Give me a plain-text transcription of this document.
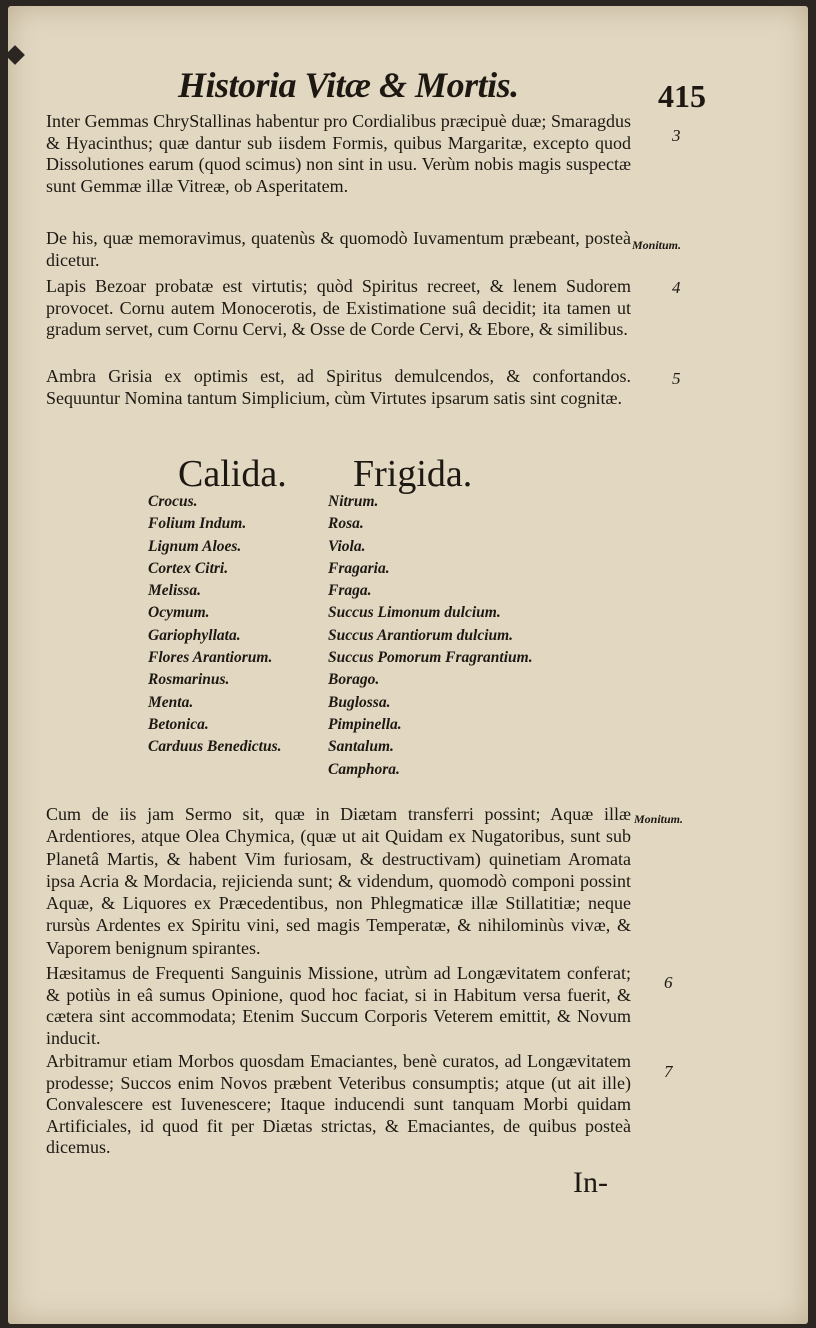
Historia Vitæ & Mortis.	415
Inter Gemmas ChryStallinas habentur pro Cordialibus præcipuè duæ; Smaragdus & Hyacinthus; quæ dantur sub iisdem Formis, quibus Margaritæ, excepto quod Dissolutiones earum (quod scimus) non sint in usu. Verùm nobis magis suspectæ sunt Gemmæ illæ Vitreæ, ob Asperitatem.
3
De his, quæ memoravimus, quatenùs & quomodò Iuvamentum præbeant, posteà dicetur.
Monitum.
Lapis Bezoar probatæ est virtutis; quòd Spiritus recreet, & lenem Sudorem provocet. Cornu autem Monocerotis, de Existimatione suâ decidit; ita tamen ut gradum servet, cum Cornu Cervi, & Osse de Corde Cervi, & Ebore, & similibus.
4
Ambra Grisia ex optimis est, ad Spiritus demulcendos, & confortandos. Sequuntur Nomina tantum Simplicium, cùm Virtutes ipsarum satis sint cognitæ.
5
Calida. Frigida.
Crocus.
Folium Indum.
Lignum Aloes.
Cortex Citri.
Melissa.
Ocymum.
Gariophyllata.
Flores Arantiorum.
Rosmarinus.
Menta.
Betonica.
Carduus Benedictus.
Nitrum.
Rosa.
Viola.
Fragaria.
Fraga.
Succus Limonum dulcium.
Succus Arantiorum dulcium.
Succus Pomorum Fragrantium.
Borago.
Buglossa.
Pimpinella.
Santalum.
Camphora.
Cum de iis jam Sermo sit, quæ in Diætam transferri possint; Aquæ illæ Ardentiores, atque Olea Chymica, (quæ ut ait Quidam ex Nugatoribus, sunt sub Planetâ Martis, & habent Vim furiosam, & destructivam) quinetiam Aromata ipsa Acria & Mordacia, rejicienda sunt; & videndum, quomodò componi possint Aquæ, & Liquores ex Præcedentibus, non Phlegmaticæ illæ Stillatitiæ; neque rursùs Ardentes ex Spiritu vini, sed magis Temperatæ, & nihilominùs vivæ, & Vaporem benignum spirantes.
Monitum.
Hæsitamus de Frequenti Sanguinis Missione, utrùm ad Longævitatem conferat; & potiùs in eâ sumus Opinione, quod hoc faciat, si in Habitum versa fuerit, & cætera sint accommodata; Etenim Succum Corporis Veterem emittit, & Novum inducit.
6
Arbitramur etiam Morbos quosdam Emaciantes, benè curatos, ad Longævitatem prodesse; Succos enim Novos præbent Veteribus consumptis; atque (ut ait ille) Convalescere est Iuvenescere; Itaque inducendi sunt tanquam Morbi quidam Artificiales, id quod fit per Diætas strictas, & Emaciantes, de quibus posteà dicemus.
7
In-
